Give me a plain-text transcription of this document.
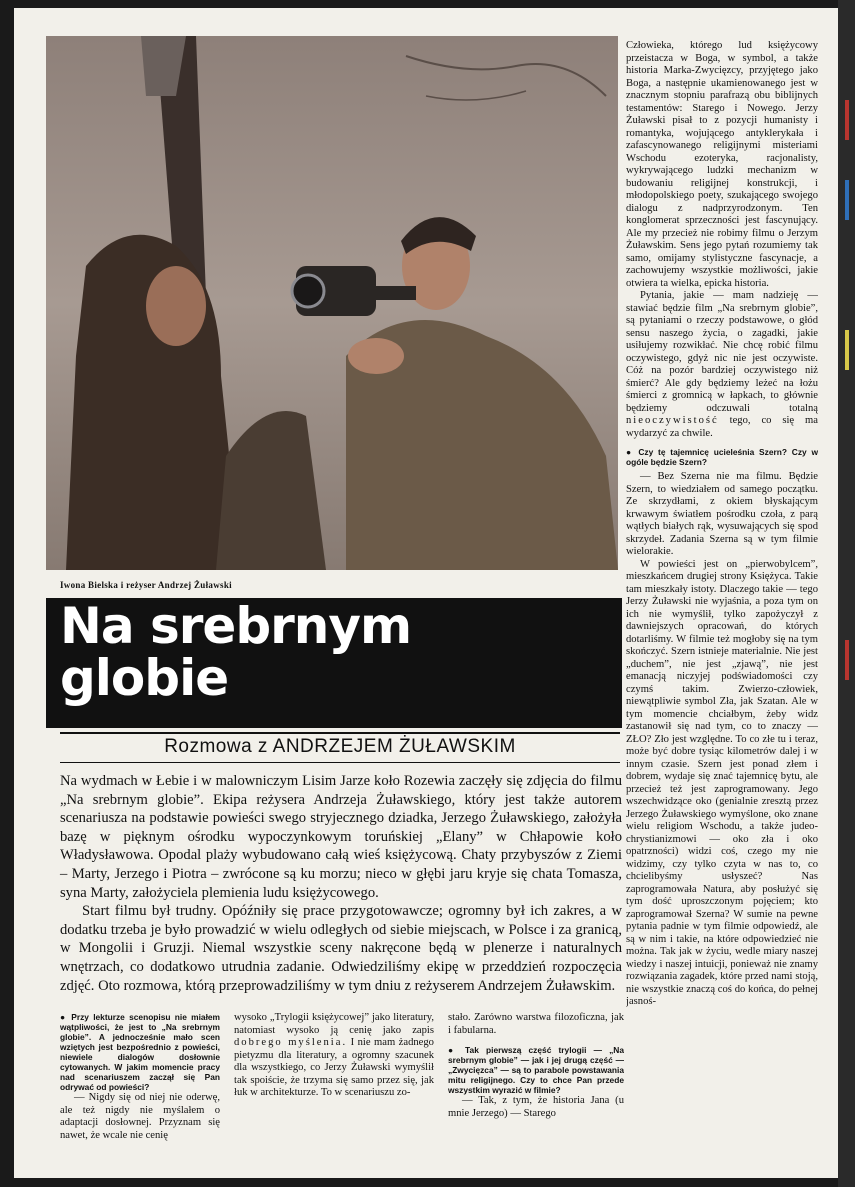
Iwona Bielska i reżyser Andrzej Żuławski
Na srebrnym
globie
Rozmowa z ANDRZEJEM ŻUŁAWSKIM

Na wydmach w Łebie i w malowniczym Lisim Jarze koło Rozewia zaczęły się zdjęcia do filmu „Na srebrnym globie”. Ekipa reżysera Andrzeja Żuławskiego, który jest także autorem scenariusza na podstawie powieści swego stryjecznego dziadka, Jerzego Żuławskiego, założyła bazę w pięknym ośrodku wypoczynkowym toruńskiej „Elany” w Chłapowie koło Władysławowa. Opodal plaży wybudowano całą wieś księżycową. Chaty przybyszów z Ziemi – Marty, Jerzego i Piotra – zwrócone są ku morzu; nieco w głębi jaru kryje się chata Tomasza, syna Marty, założyciela plemienia ludu księżycowego.

Start filmu był trudny. Opóźniły się prace przygotowawcze; ogromny był ich zakres, a w dodatku trzeba je było prowadzić w wielu odległych od siebie miejscach, w Polsce i za granicą, w Mongolii i Gruzji. Niemal wszystkie sceny nakręcone będą w plenerze i naturalnych wnętrzach, co dodatkowo utrudnia zadanie. Odwiedziliśmy ekipę w przeddzień rozpoczęcia zdjęć. Oto rozmowa, którą przeprowadziliśmy w tym dniu z reżyserem Andrzejem Żuławskim.

● Przy lekturze scenopisu nie miałem wątpliwości, że jest to „Na srebrnym globie”. A jednocześnie mało scen wziętych jest bezpośrednio z powieści, niewiele dialogów dosłownie cytowanych. W jakim momencie pracy nad scenariuszem zaczął się Pan odrywać od powieści?

— Nigdy się od niej nie oderwę, ale też nigdy nie myślałem o adaptacji dosłownej. Przyznam się nawet, że wcale nie cenię

wysoko „Trylogii księżycowej” jako literatury, natomiast wysoko ją cenię jako zapis dobrego myślenia. I nie mam żadnego pietyzmu dla literatury, a ogromny szacunek dla wszystkiego, co Jerzy Żuławski wymyślił tak spoiście, że trzyma się samo przez się, jak łuk w architekturze. To w scenariuszu zo-

stało. Zarówno warstwa filozoficzna, jak i fabularna.

● Tak pierwszą część trylogii — „Na srebrnym globie” — jak i jej drugą część — „Zwycięzca” — są to parabole powstawania mitu religijnego. Czy to chce Pan przede wszystkim wyrazić w filmie?

— Tak, z tym, że historia Jana (u mnie Jerzego) — Starego

Człowieka, którego lud księżycowy przeistacza w Boga, w symbol, a także historia Marka-Zwycięzcy, przyjętego jako Boga, a następnie ukamienowanego jest w znacznym stopniu parafrazą obu biblijnych testamentów: Starego i Nowego. Jerzy Żuławski pisał to z pozycji humanisty i romantyka, wojującego antyklerykała i zafascynowanego religijnymi misteriami Wschodu ezoteryka, racjonalisty, wykrywającego ludzki mechanizm w budowaniu religijnej konstrukcji, i młodopolskiego poety, szukającego swojego dialogu z nadprzyrodzonym. Ten konglomerat sprzeczności jest fascynujący. Ale my przecież nie robimy filmu o Jerzym Żuławskim. Sens jego pytań rozumiemy tak samo, omijamy stylistyczne fascynacje, a zachowujemy wszystkie możliwości, jakie otwiera ta wielka, epicka historia.

Pytania, jakie — mam nadzieję — stawiać będzie film „Na srebrnym globie”, są pytaniami o rzeczy podstawowe, o głód sensu naszego życia, o zagadki, jakie usiłujemy rozwikłać. Nie chcę robić filmu oczywistego, gdyż nic nie jest oczywiste. Cóż na pozór bardziej oczywistego niż śmierć? Ale gdy będziemy leżeć na łożu śmierci z gromnicą w łapkach, to głównie będziemy odczuwali totalną nieoczywistość tego, co się ma wydarzyć za chwile.

● Czy tę tajemnicę ucieleśnia Szern? Czy w ogóle będzie Szern?

— Bez Szerna nie ma filmu. Będzie Szern, to wiedziałem od samego początku. Ze skrzydłami, z okiem błyskającym krwawym światłem pośrodku czoła, z parą wątłych białych rąk, wysuwających się spod skrzydeł. Zadania Szerna są w tym filmie wielorakie.

W powieści jest on „pierwobylcem”, mieszkańcem drugiej strony Księżyca. Takie tam mieszkały istoty. Dlaczego takie — tego Jerzy Żuławski nie wyjaśnia, a poza tym on ich nie wymyślił, tylko zapożyczył z dawniejszych opracowań, do których dotarliśmy. W filmie też mogłoby się na tym skończyć. Szern istnieje materialnie. Nie jest „duchem”, nie jest „zjawą”, nie jest emanacją niczyjej podświadomości czy czymś takim. Zwierzo-człowiek, niewątpliwie symbol Zła, jak Szatan. Ale w tym momencie chciałbym, żeby widz zastanowił się nad tym, co to znaczy — ZŁO? Zło jest względne. To co złe tu i teraz, może być dobre tysiąc kilometrów dalej i w innym czasie. Szern jest ponad złem i dobrem, wydaje się znać tajemnicę bytu, ale przecież też jest zaprogramowany. Jego wszechwidzące oko (genialnie zresztą przez Jerzego Żuławskiego wymyślone, oko znane wielu religiom Wschodu, a także judeo-chrystianizmowi — oko zła i oko opatrzności) widzi coś, czego my nie widzimy, czy tylko czyta w nas to, co chcielibyśmy usłyszeć? Nas zaprogramowała Natura, aby posłużyć się tym dość uproszczonym pojęciem; kto zaprogramował Szerna? W sumie na pewne pytania padnie w tym filmie odpowiedź, ale są w nim i takie, na które odpowiedzieć nie można. Tak jak w życiu, wedle miary naszej wiedzy i naszej intuicji, ponieważ nie znamy rozwiązania zagadek, które przed nami stoją, nie wszystkie znaczą coś do końca, do pełnej jasnoś-
